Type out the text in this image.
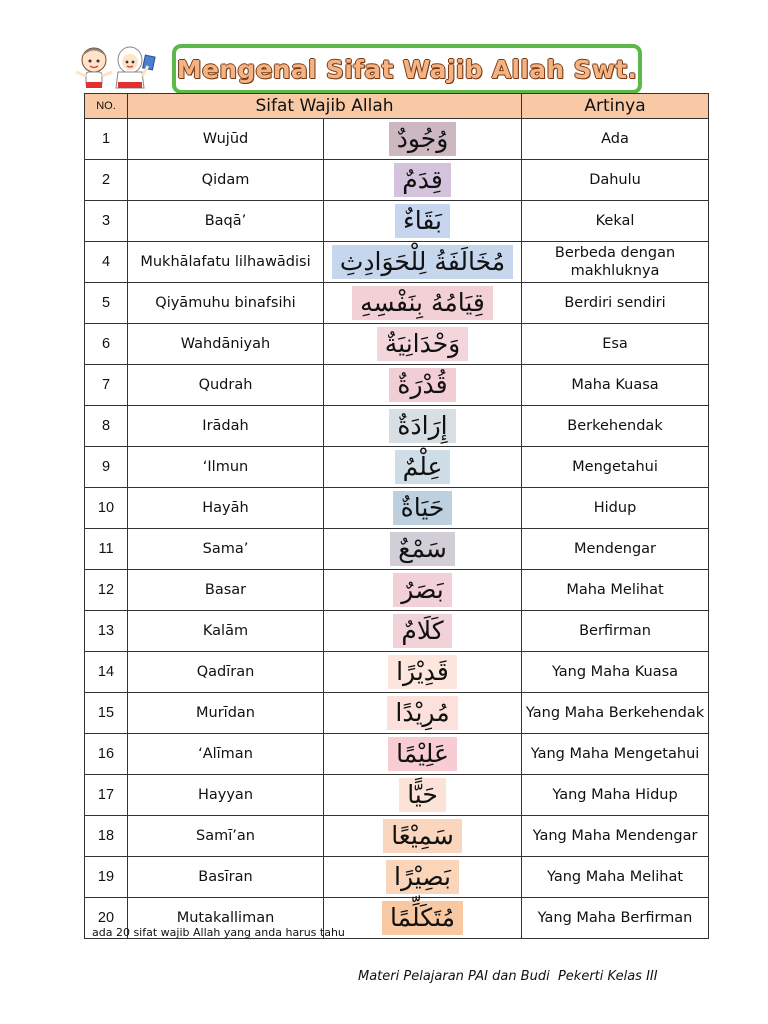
Mengenal Sifat Wajib Allah Swt.
NO.	Sifat Wajib Allah		Artinya
1	Wujūd	وُجُودٌ	Ada
2	Qidam	قِدَمٌ	Dahulu
3	Baqā’	بَقَاءٌ	Kekal
4	Mukhālafatu lilhawādisi	مُخَالَفَةُ لِلْحَوَادِثِ	Berbeda dengan makhluknya
5	Qiyāmuhu binafsihi	قِيَامُهُ بِنَفْسِهِ	Berdiri sendiri
6	Wahdāniyah	وَحْدَانِيَةٌ	Esa
7	Qudrah	قُدْرَةٌ	Maha Kuasa
8	Irādah	إِرَادَةٌ	Berkehendak
9	‘Ilmun	عِلْمٌ	Mengetahui
10	Hayāh	حَيَاةٌ	Hidup
11	Sama’	سَمْعٌ	Mendengar
12	Basar	بَصَرٌ	Maha Melihat
13	Kalām	كَلَامٌ	Berfirman
14	Qadīran	قَدِيْرًا	Yang Maha Kuasa
15	Murīdan	مُرِيْدًا	Yang Maha Berkehendak
16	‘Alīman	عَلِيْمًا	Yang Maha Mengetahui
17	Hayyan	حَيًّا	Yang Maha Hidup
18	Samī’an	سَمِيْعًا	Yang Maha Mendengar
19	Basīran	بَصِيْرًا	Yang Maha Melihat
20	Mutakalliman	مُتَكَلِّمًا	Yang Maha Berfirman
ada 20 sifat wajib Allah yang anda harus tahu
Materi Pelajaran PAI dan Budi  Pekerti Kelas III
